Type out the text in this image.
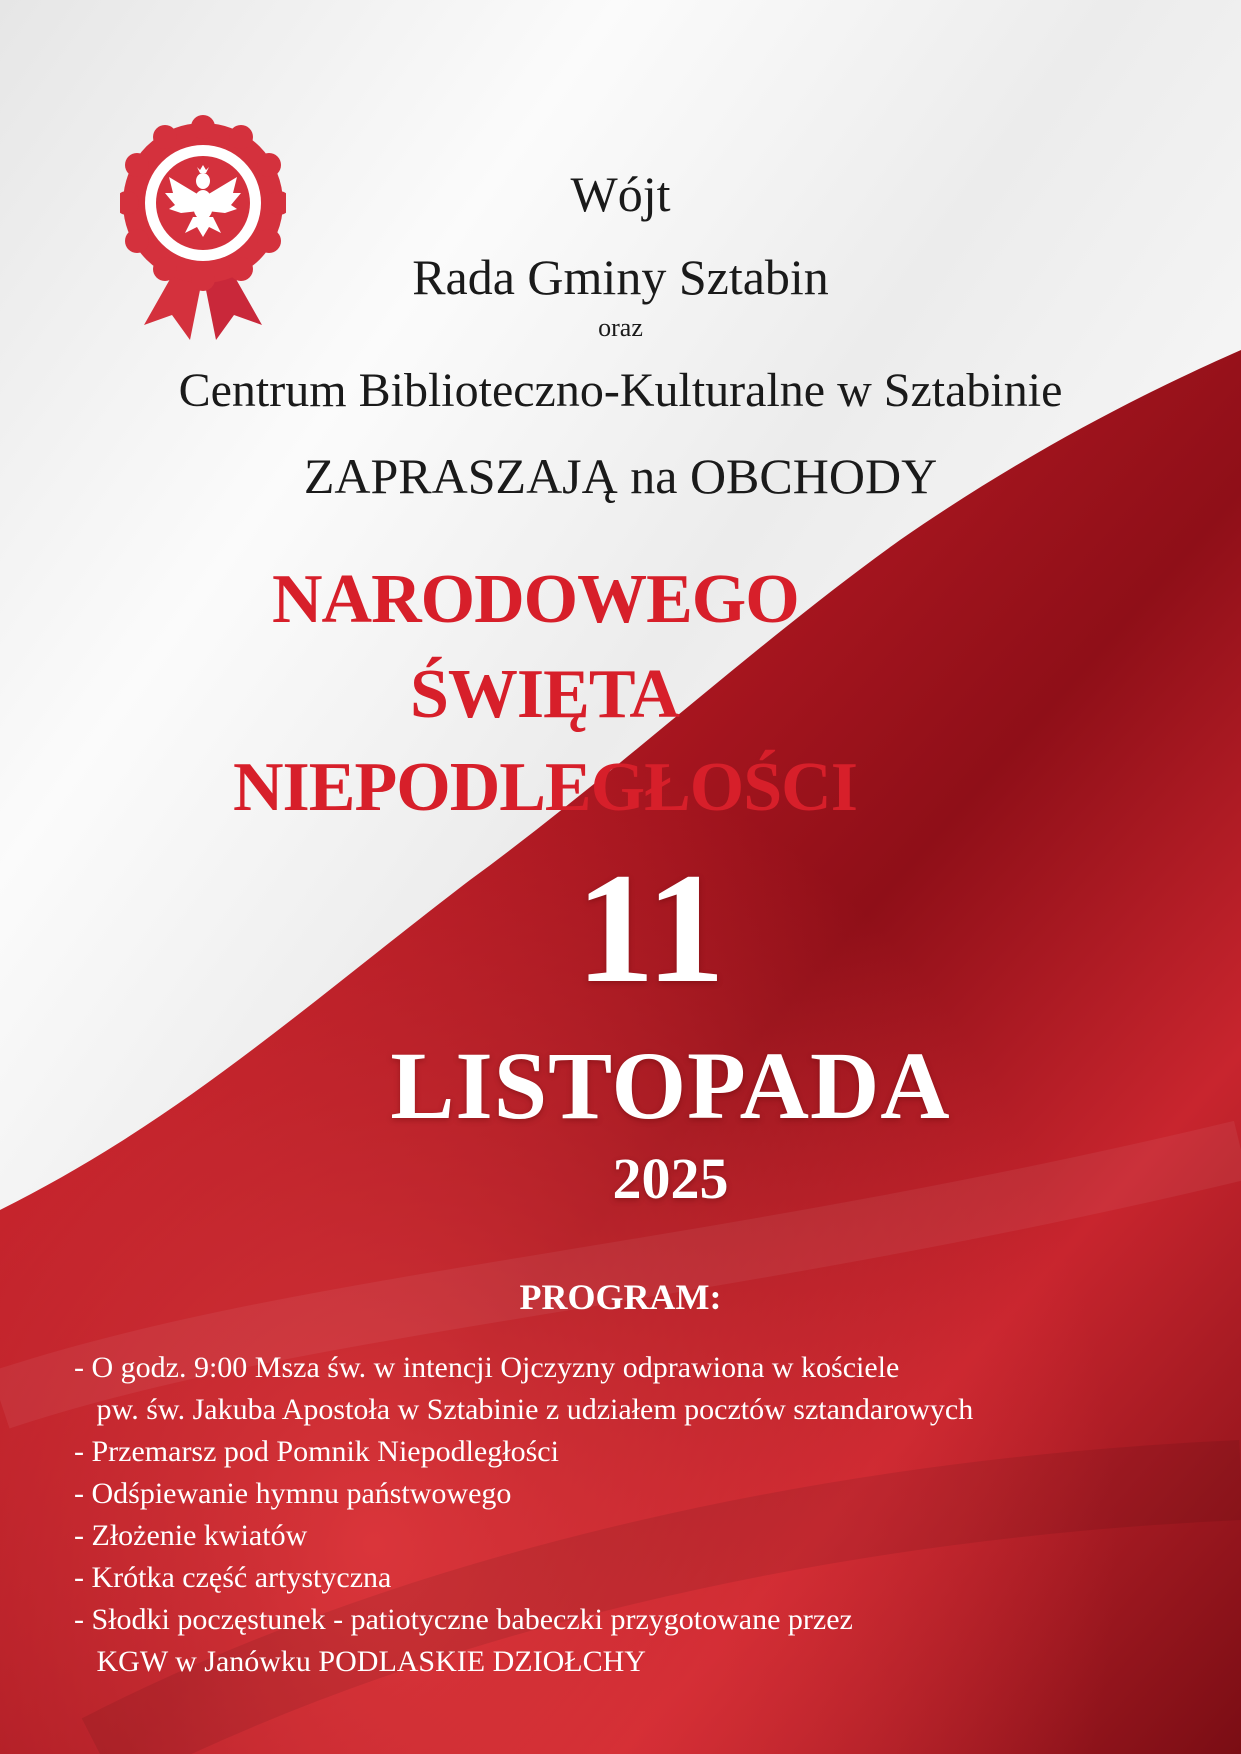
Wójt
Rada Gminy Sztabin
oraz
Centrum Biblioteczno-Kulturalne w Sztabinie
ZAPRASZAJĄ na OBCHODY
NARODOWEGO
ŚWIĘTA
NIEPODLEGŁOŚCI
11
LISTOPADA
2025
PROGRAM:
- O godz. 9:00 Msza św. w intencji Ojczyzny odprawiona w kościele
pw. św. Jakuba Apostoła w Sztabinie z udziałem pocztów sztandarowych
- Przemarsz pod Pomnik Niepodległości
- Odśpiewanie hymnu państwowego
- Złożenie kwiatów
- Krótka część artystyczna
- Słodki poczęstunek - patiotyczne babeczki przygotowane przez
KGW w Janówku PODLASKIE DZIOŁCHY
